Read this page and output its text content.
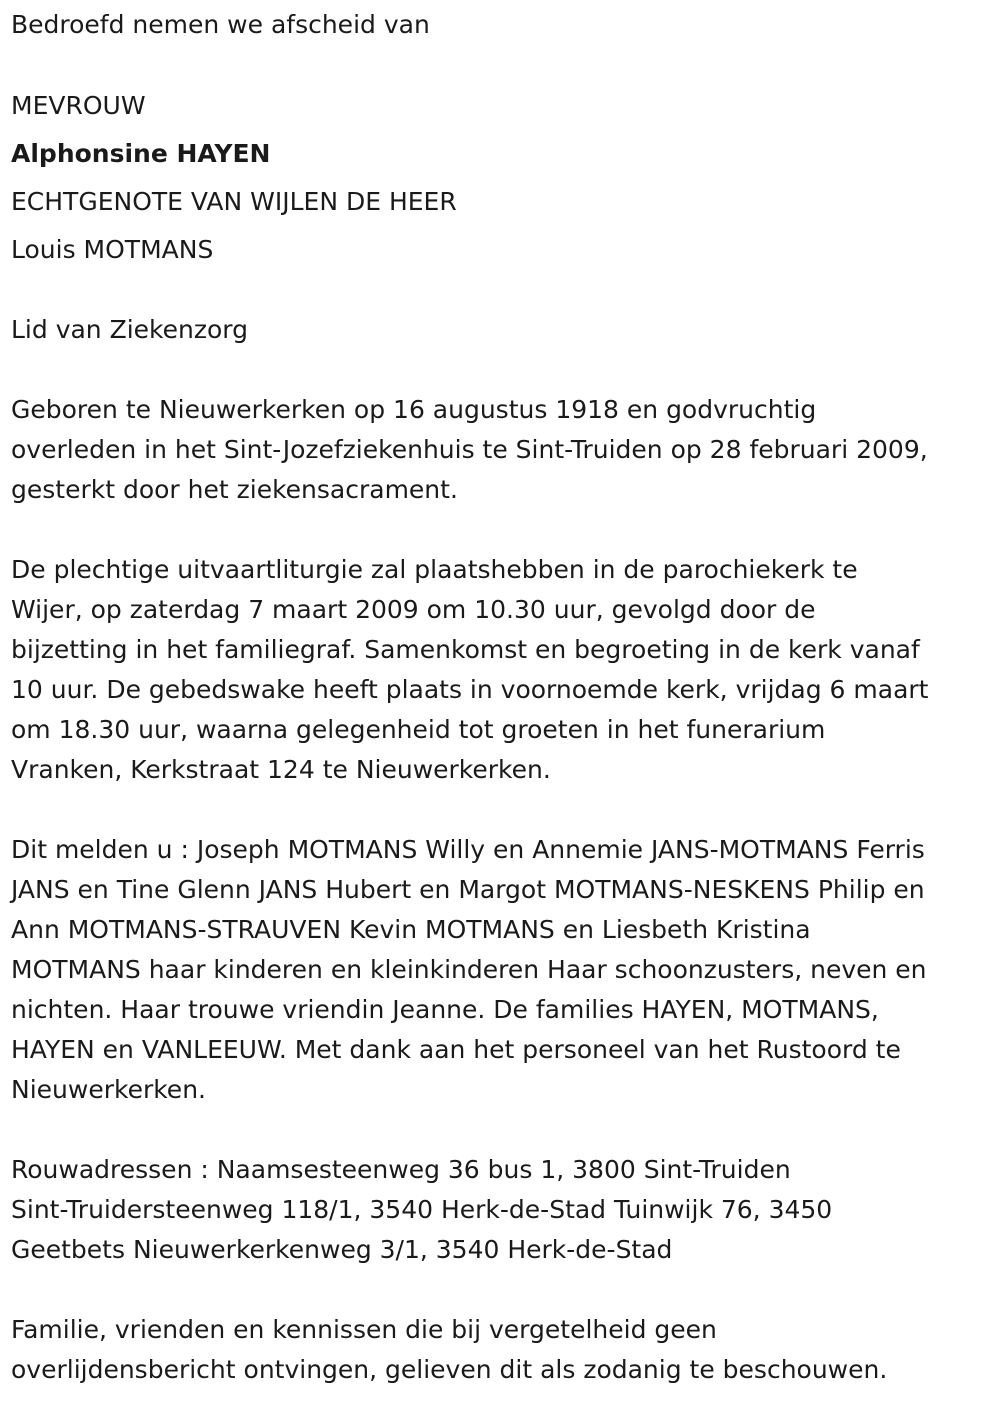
Bedroefd nemen we afscheid van
MEVROUW
Alphonsine HAYEN
ECHTGENOTE VAN WIJLEN DE HEER
Louis MOTMANS
Lid van Ziekenzorg
Geboren te Nieuwerkerken op 16 augustus 1918 en godvruchtig
overleden in het Sint-Jozefziekenhuis te Sint-Truiden op 28 februari 2009,
gesterkt door het ziekensacrament.
De plechtige uitvaartliturgie zal plaatshebben in de parochiekerk te
Wijer, op zaterdag 7 maart 2009 om 10.30 uur, gevolgd door de
bijzetting in het familiegraf. Samenkomst en begroeting in de kerk vanaf
10 uur. De gebedswake heeft plaats in voornoemde kerk, vrijdag 6 maart
om 18.30 uur, waarna gelegenheid tot groeten in het funerarium
Vranken, Kerkstraat 124 te Nieuwerkerken.
Dit melden u : Joseph MOTMANS Willy en Annemie JANS-MOTMANS Ferris
JANS en Tine Glenn JANS Hubert en Margot MOTMANS-NESKENS Philip en
Ann MOTMANS-STRAUVEN Kevin MOTMANS en Liesbeth Kristina
MOTMANS haar kinderen en kleinkinderen Haar schoonzusters, neven en
nichten. Haar trouwe vriendin Jeanne. De families HAYEN, MOTMANS,
HAYEN en VANLEEUW. Met dank aan het personeel van het Rustoord te
Nieuwerkerken.
Rouwadressen : Naamsesteenweg 36 bus 1, 3800 Sint-Truiden
Sint-Truidersteenweg 118/1, 3540 Herk-de-Stad Tuinwijk 76, 3450
Geetbets Nieuwerkerkenweg 3/1, 3540 Herk-de-Stad
Familie, vrienden en kennissen die bij vergetelheid geen
overlijdensbericht ontvingen, gelieven dit als zodanig te beschouwen.
